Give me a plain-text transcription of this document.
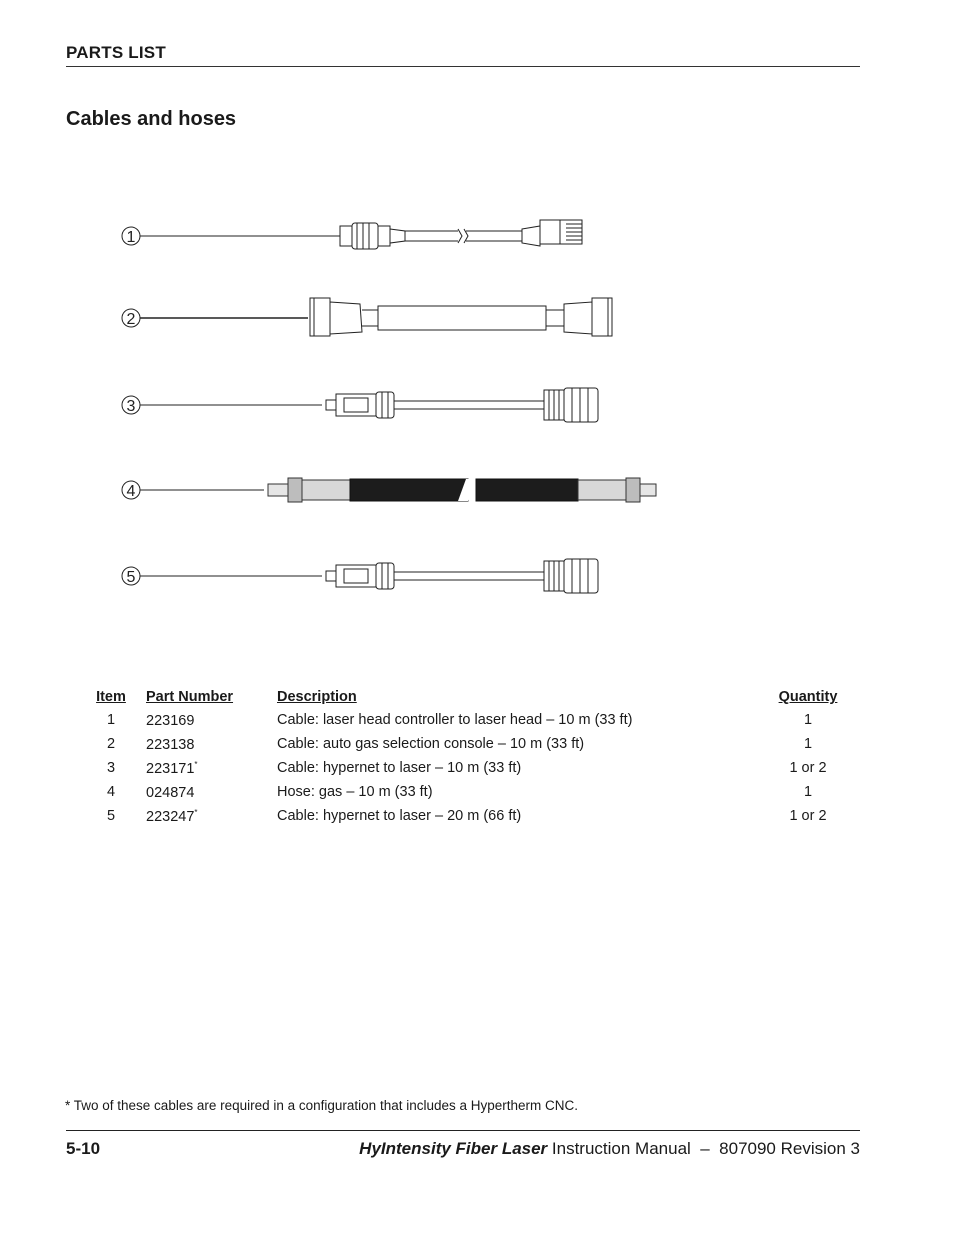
PARTS LIST
Cables and hoses
1
2
3
4
5
Item	Part Number	Description	Quantity
1	223169	Cable: laser head controller to laser head – 10 m (33 ft)	1
2	223138	Cable: auto gas selection console – 10 m (33 ft)	1
3	223171*	Cable: hypernet to laser – 10 m (33 ft)	1 or 2
4	024874	Hose: gas – 10 m (33 ft)	1
5	223247*	Cable: hypernet to laser – 20 m (66 ft)	1 or 2
* Two of these cables are required in a configuration that includes a Hypertherm CNC.
5-10	HyIntensity Fiber Laser Instruction Manual  –  807090 Revision 3
